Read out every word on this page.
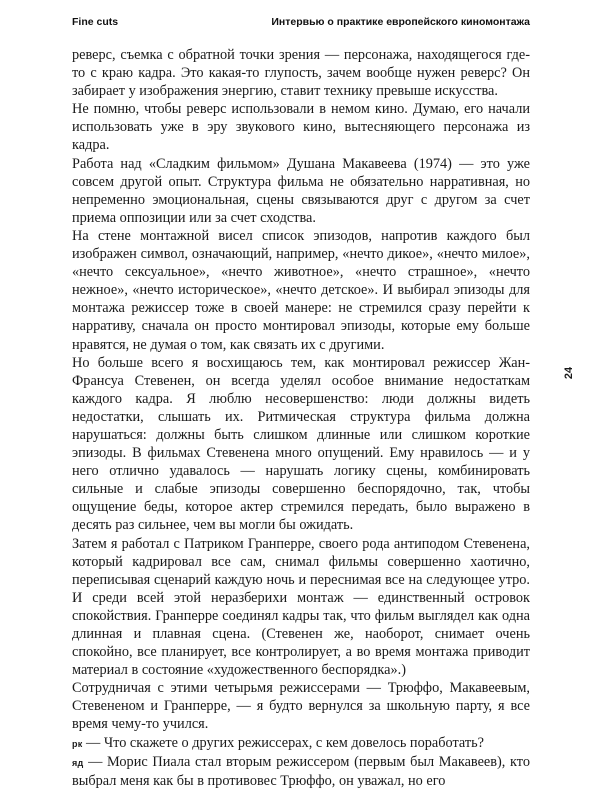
Fine cuts	Интервью о практике европейского киномонтажа

реверс, съемка с обратной точки зрения — персонажа, находящегося где-то с краю кадра. Это какая-то глупость, зачем вообще нужен реверс? Он забирает у изображения энергию, ставит технику превыше искусства.

Не помню, чтобы реверс использовали в немом кино. Думаю, его начали использовать уже в эру звукового кино, вытесняющего персонажа из кадра.

Работа над «Сладким фильмом» Душана Макавеева (1974) — это уже совсем другой опыт. Структура фильма не обязательно нарративная, но непременно эмоциональная, сцены связываются друг с другом за счет приема оппозиции или за счет сходства.

На стене монтажной висел список эпизодов, напротив каждого был изображен символ, означающий, например, «нечто дикое», «нечто милое», «нечто сексуальное», «нечто животное», «нечто страшное», «нечто нежное», «нечто историческое», «нечто детское». И выбирал эпизоды для монтажа режиссер тоже в своей манере: не стремился сразу перейти к нарративу, сначала он просто монтировал эпизоды, которые ему больше нравятся, не думая о том, как связать их с другими.

Но больше всего я восхищаюсь тем, как монтировал режиссер Жан-Франсуа Стевенен, он всегда уделял особое внимание недостаткам каждого кадра. Я люблю несовершенство: люди должны видеть недостатки, слышать их. Ритмическая структура фильма должна нарушаться: должны быть слишком длинные или слишком короткие эпизоды. В фильмах Стевенена много опущений. Ему нравилось — и у него отлично удавалось — нарушать логику сцены, комбинировать сильные и слабые эпизоды совершенно беспорядочно, так, чтобы ощущение беды, которое актер стремился передать, было выражено в десять раз сильнее, чем вы могли бы ожидать.

Затем я работал с Патриком Гранперре, своего рода антиподом Стевенена, который кадрировал все сам, снимал фильмы совершенно хаотично, переписывая сценарий каждую ночь и переснимая все на следующее утро. И среди всей этой неразберихи монтаж — единственный островок спокойствия. Гранперре соединял кадры так, что фильм выглядел как одна длинная и плавная сцена. (Стевенен же, наоборот, снимает очень спокойно, все планирует, все контролирует, а во время монтажа приводит материал в состояние «художественного беспорядка».)

Сотрудничая с этими четырьмя режиссерами — Трюффо, Макавеевым, Стевененом и Гранперре, — я будто вернулся за школьную парту, я все время чему-то учился.

рк — Что скажете о других режиссерах, с кем довелось поработать?

яд — Морис Пиала стал вторым режиссером (первым был Макавеев), кто выбрал меня как бы в противовес Трюффо, он уважал, но его

24
